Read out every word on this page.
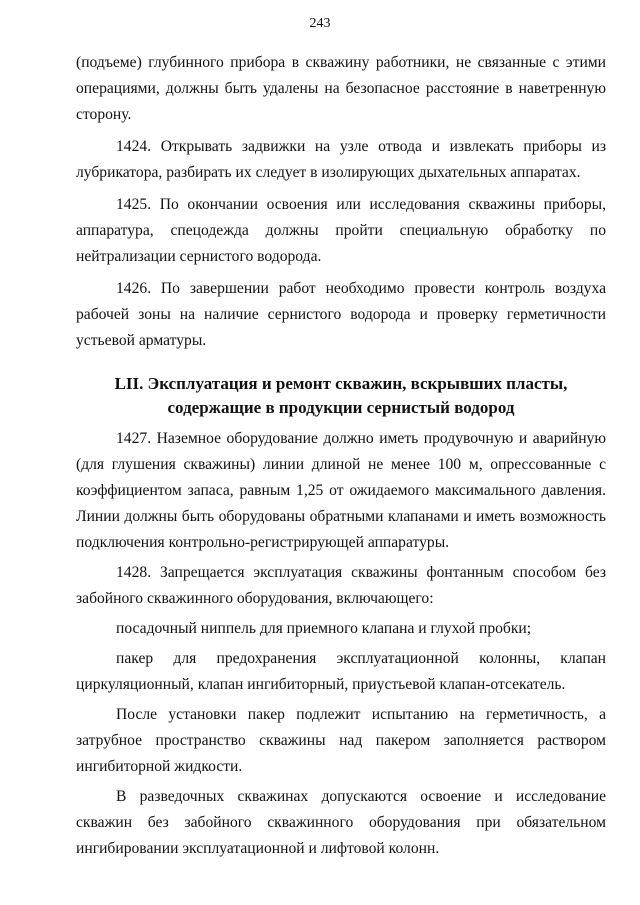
243

(подъеме) глубинного прибора в скважину работники, не связанные с этими операциями, должны быть удалены на безопасное расстояние в наветренную сторону.

1424. Открывать задвижки на узле отвода и извлекать приборы из лубрикатора, разбирать их следует в изолирующих дыхательных аппаратах.

1425. По окончании освоения или исследования скважины приборы, аппаратура, спецодежда должны пройти специальную обработку по нейтрализации сернистого водорода.

1426. По завершении работ необходимо провести контроль воздуха рабочей зоны на наличие сернистого водорода и проверку герметичности устьевой арматуры.

LII. Эксплуатация и ремонт скважин, вскрывших пласты,
содержащие в продукции сернистый водород

1427. Наземное оборудование должно иметь продувочную и аварийную (для глушения скважины) линии длиной не менее 100 м, опрессованные с коэффициентом запаса, равным 1,25 от ожидаемого максимального давления. Линии должны быть оборудованы обратными клапанами и иметь возможность подключения контрольно-регистрирующей аппаратуры.

1428. Запрещается эксплуатация скважины фонтанным способом без забойного скважинного оборудования, включающего:

посадочный ниппель для приемного клапана и глухой пробки;

пакер для предохранения эксплуатационной колонны, клапан циркуляционный, клапан ингибиторный, приустьевой клапан-отсекатель.

После установки пакер подлежит испытанию на герметичность, а затрубное пространство скважины над пакером заполняется раствором ингибиторной жидкости.

В разведочных скважинах допускаются освоение и исследование скважин без забойного скважинного оборудования при обязательном ингибировании эксплуатационной и лифтовой колонн.
